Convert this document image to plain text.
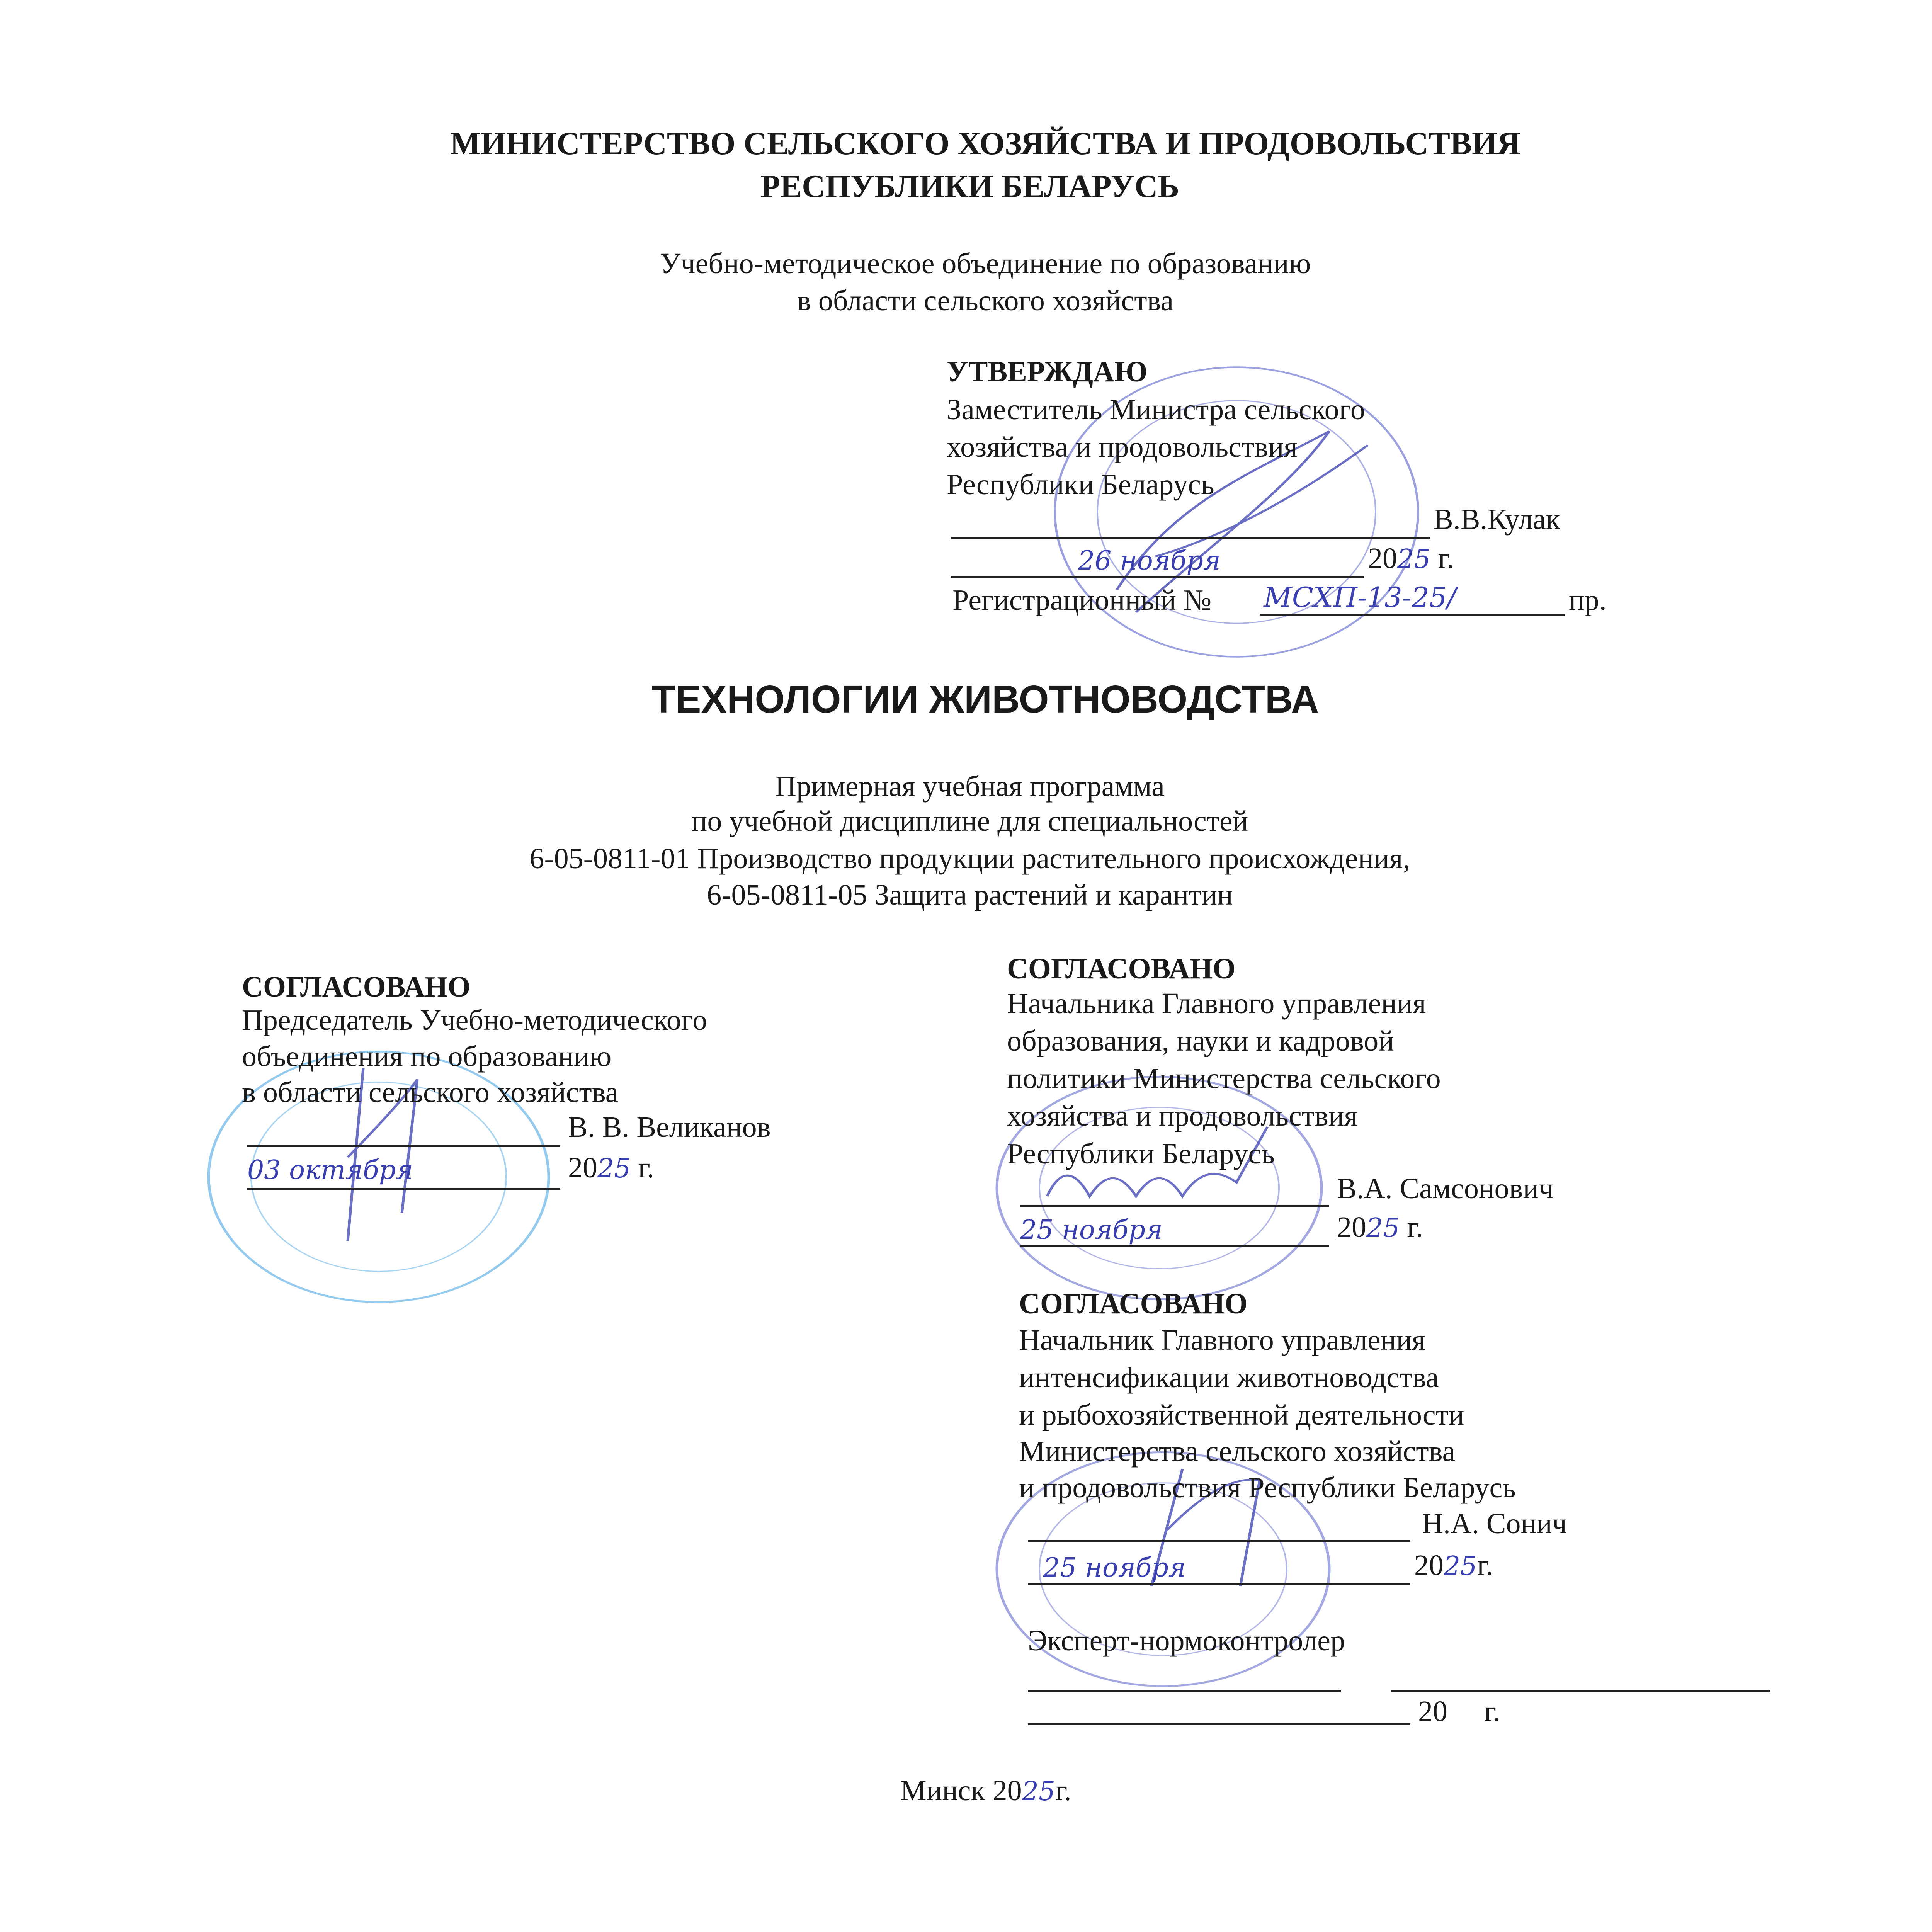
МИНИСТЕРСТВО СЕЛЬСКОГО ХОЗЯЙСТВА И ПРОДОВОЛЬСТВИЯ
РЕСПУБЛИКИ БЕЛАРУСЬ
Учебно-методическое объединение по образованию
в области сельского хозяйства
УТВЕРЖДАЮ
Заместитель Министра сельского
хозяйства и продовольствия
Республики Беларусь
В.В.Кулак
26 ноября	2025 г.
Регистрационный № МСХП-13-25/	пр.
ТЕХНОЛОГИИ ЖИВОТНОВОДСТВА
Примерная учебная программа
по учебной дисциплине для специальностей
6-05-0811-01 Производство продукции растительного происхождения,
6-05-0811-05 Защита растений и карантин
СОГЛАСОВАНО
Председатель Учебно-методического
объединения по образованию
в области сельского хозяйства
В. В. Великанов
03 октября	2025 г.
СОГЛАСОВАНО
Начальника Главного управления
образования, науки и кадровой
политики Министерства сельского
хозяйства и продовольствия
Республики Беларусь
В.А. Самсонович
25 ноября	2025 г.
СОГЛАСОВАНО
Начальник Главного управления
интенсификации животноводства
и рыбохозяйственной деятельности
Министерства сельского хозяйства
и продовольствия Республики Беларусь
Н.А. Сонич
25 ноября	2025г.
Эксперт-нормоконтролер
20     г.
Минск 2025г.
